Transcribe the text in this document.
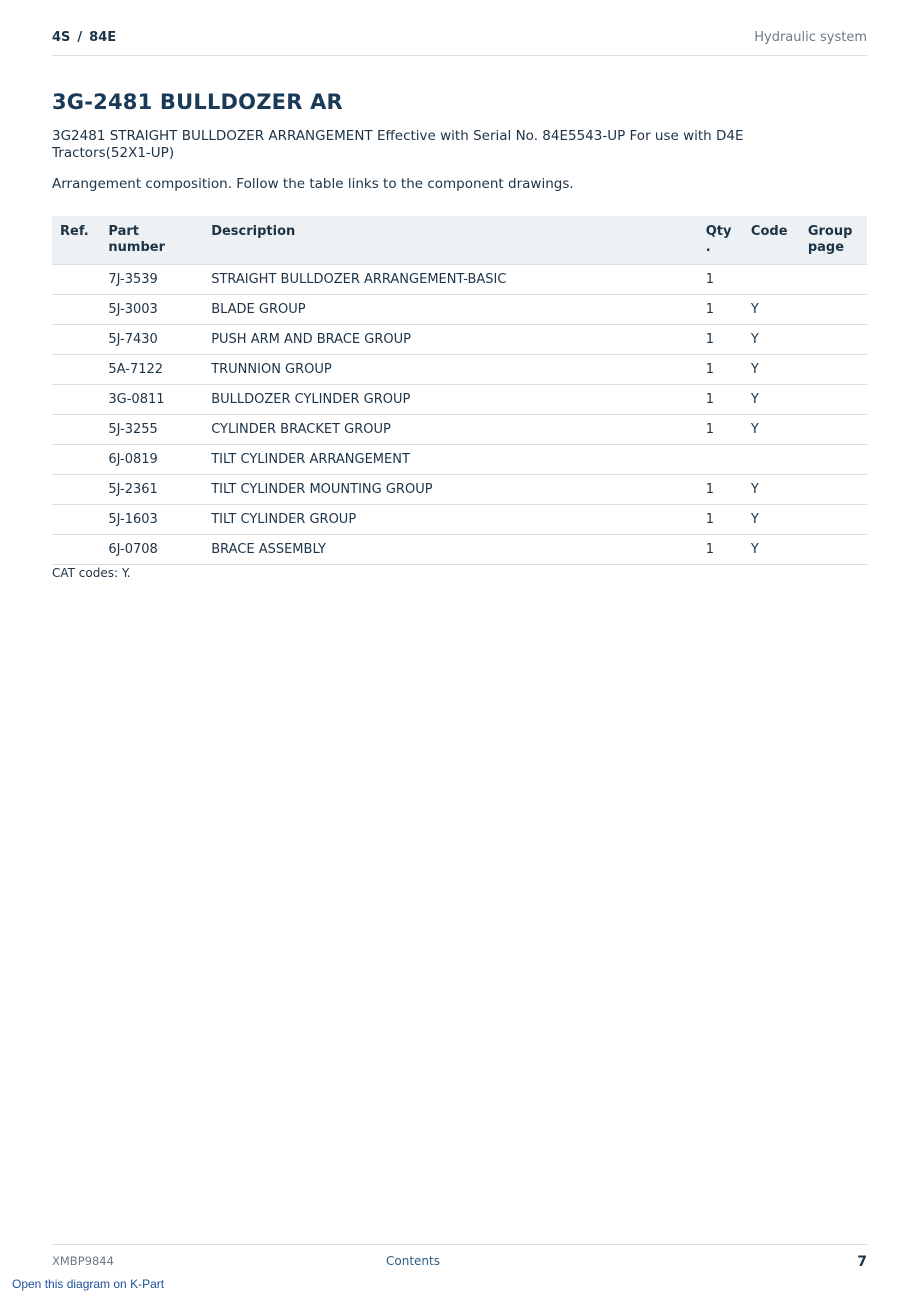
4S / 84E	Hydraulic system
3G-2481 BULLDOZER AR

3G2481 STRAIGHT BULLDOZER ARRANGEMENT Effective with Serial No. 84E5543-UP For use with D4E Tractors(52X1-UP)

Arrangement composition. Follow the table links to the component drawings.

Ref.	Part number	Description	Qty .	Code	Group page
	7J-3539	STRAIGHT BULLDOZER ARRANGEMENT-BASIC	1		
	5J-3003	BLADE GROUP	1	Y	
	5J-7430	PUSH ARM AND BRACE GROUP	1	Y	
	5A-7122	TRUNNION GROUP	1	Y	
	3G-0811	BULLDOZER CYLINDER GROUP	1	Y	
	5J-3255	CYLINDER BRACKET GROUP	1	Y	
	6J-0819	TILT CYLINDER ARRANGEMENT			
	5J-2361	TILT CYLINDER MOUNTING GROUP	1	Y	
	5J-1603	TILT CYLINDER GROUP	1	Y	
	6J-0708	BRACE ASSEMBLY	1	Y	
CAT codes: Y.
XMBP9844	Contents	7
Open this diagram on K-Part
